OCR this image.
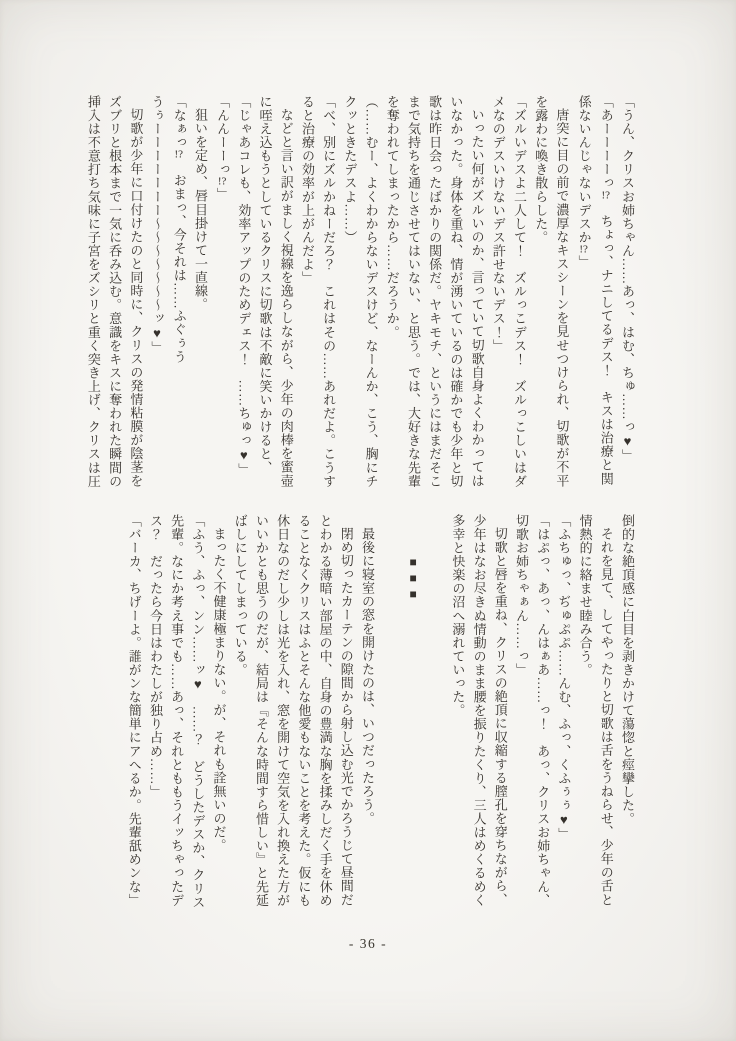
「うん、クリスお姉ちゃん……あっ、はむ、ちゅ……っ♥」

「あーーーーっ!?　ちょっ、ナニしてるデス！　キスは治療と関係ないんじゃないデスか!?」

唐突に目の前で濃厚なキスシーンを見せつけられ、切歌が不平を露わに喚き散らした。

「ズルいデスよ二人して！　ズルっこデス！　ズルっこしいはダメなのデスいけないデス許せないデス！」

いったい何がズルいのか、言っていて切歌自身よくわかってはいなかった。身体を重ね、情が湧いているのは確かでも少年と切歌は昨日会ったばかりの関係だ。ヤキモチ、というにはまだそこまで気持ちを通じさせてはいない、と思う。では、大好きな先輩を奪われてしまったから……だろうか。

（……むー、よくわからないデスけど、なーんか、こう、胸にチクッときたデスよ……）

「べ、別にズルかねーだろ？　これはその……あれだよ。こうすると治療の効率が上がんだよ」

などと言い訳がましく視線を逸らしながら、少年の肉棒を蜜壺に咥え込もうとしているクリスに切歌は不敵に笑いかけると、

「じゃあコレも、効率アップのためデェス！　……ちゅっ♥」

「んんーーっ!?」

狙いを定め、唇目掛けて一直線。

「なぁっ!?　おまっ、今それは……ふぐぅううぅーーーーーーー〜〜〜〜〜〜〜ッ♥」

切歌が少年に口付けたのと同時に、クリスの発情粘膜が陰茎をズブリと根本まで一気に呑み込む。意識をキスに奪われた瞬間の挿入は不意打ち気味に子宮をズシリと重く突き上げ、クリスは圧

倒的な絶頂感に白目を剥きかけて蕩惚と痙攣した。

それを見て、してやったりと切歌は舌をうねらせ、少年の舌と情熱的に絡ませ睦み合う。

「ふちゅっ、ぢゅぷぷ……んむ、ふっ、くふぅぅ♥」

「はぷっ、あっ、んはぁあ……っ！　あっ、クリスお姉ちゃん、切歌お姉ちゃぁん……っ」

切歌と唇を重ね、クリスの絶頂に収縮する膣孔を穿ちながら、少年はなお尽きぬ情動のまま腰を振りたくり、三人はめくるめく多幸と快楽の沼へ溺れていった。

■■■

最後に寝室の窓を開けたのは、いつだったろう。

閉め切ったカーテンの隙間から射し込む光でかろうじて昼間だとわかる薄暗い部屋の中、自身の豊満な胸を揉みしだく手を休めることなくクリスはふとそんな他愛もないことを考えた。仮にも休日なのだし少しは光を入れ、窓を開けて空気を入れ換えた方がいいかとも思うのだが、結局は『そんな時間すら惜しい』と先延ばしにしてしまっている。

まったく不健康極まりない。が、それも詮無いのだ。

「ふう、ふっ、ンン……ッ♥　……？　どうしたデスか、クリス先輩。なにか考え事でも……あっ、それとももうイッちゃったデス？　だったら今日はわたしが独り占め……」

「バーカ、ちげーよ。誰がンな簡単にアへるか。先輩舐めンな」

- 36 -
